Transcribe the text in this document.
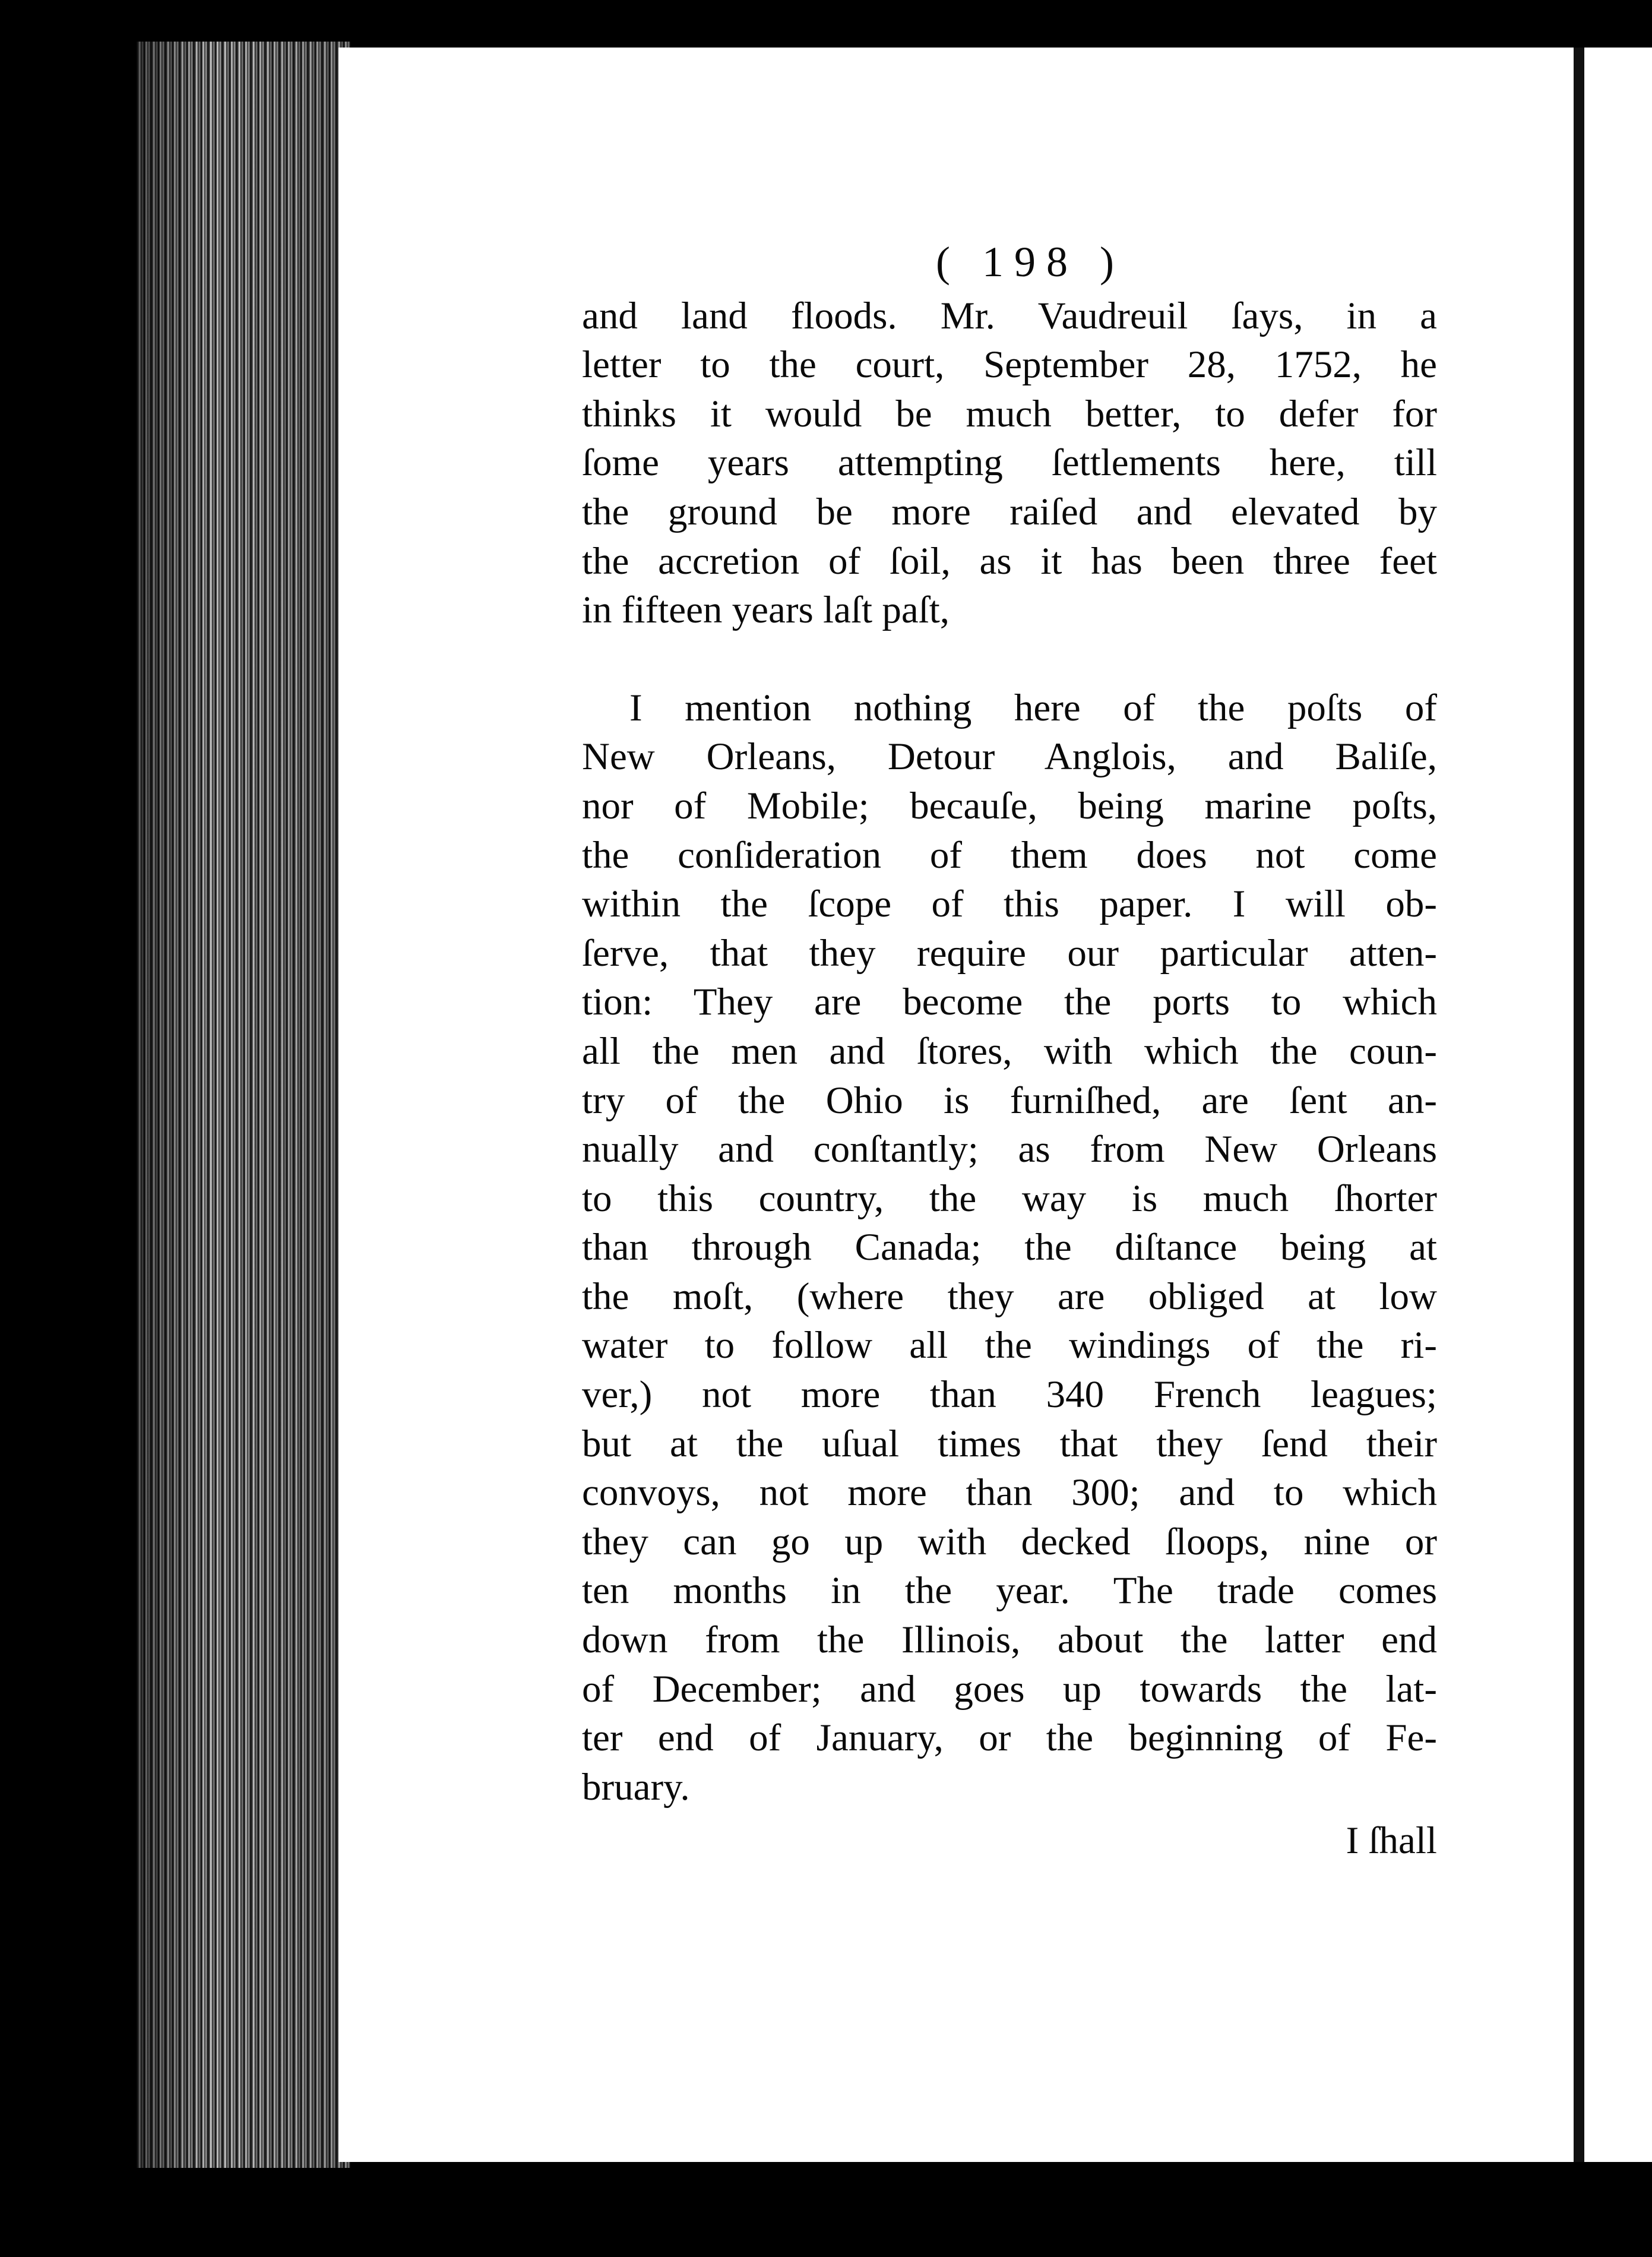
( 198 )
and land floods. Mr. Vaudreuil ſays, in a
letter to the court, September 28, 1752, he
thinks it would be much better, to defer for
ſome years attempting ſettlements here, till
the ground be more raiſed and elevated by
the accretion of ſoil, as it has been three feet
in fifteen years laſt paſt,
I mention nothing here of the poſts of
New Orleans, Detour Anglois, and Baliſe,
nor of Mobile; becauſe, being marine poſts,
the conſideration of them does not come
within the ſcope of this paper. I will ob-
ſerve, that they require our particular atten-
tion: They are become the ports to which
all the men and ſtores, with which the coun-
try of the Ohio is furniſhed, are ſent an-
nually and conſtantly; as from New Orleans
to this country, the way is much ſhorter
than through Canada; the diſtance being at
the moſt, (where they are obliged at low
water to follow all the windings of the ri-
ver,) not more than 340 French leagues;
but at the uſual times that they ſend their
convoys, not more than 300; and to which
they can go up with decked ſloops, nine or
ten months in the year. The trade comes
down from the Illinois, about the latter end
of December; and goes up towards the lat-
ter end of January, or the beginning of Fe-
bruary.
I ſhall
